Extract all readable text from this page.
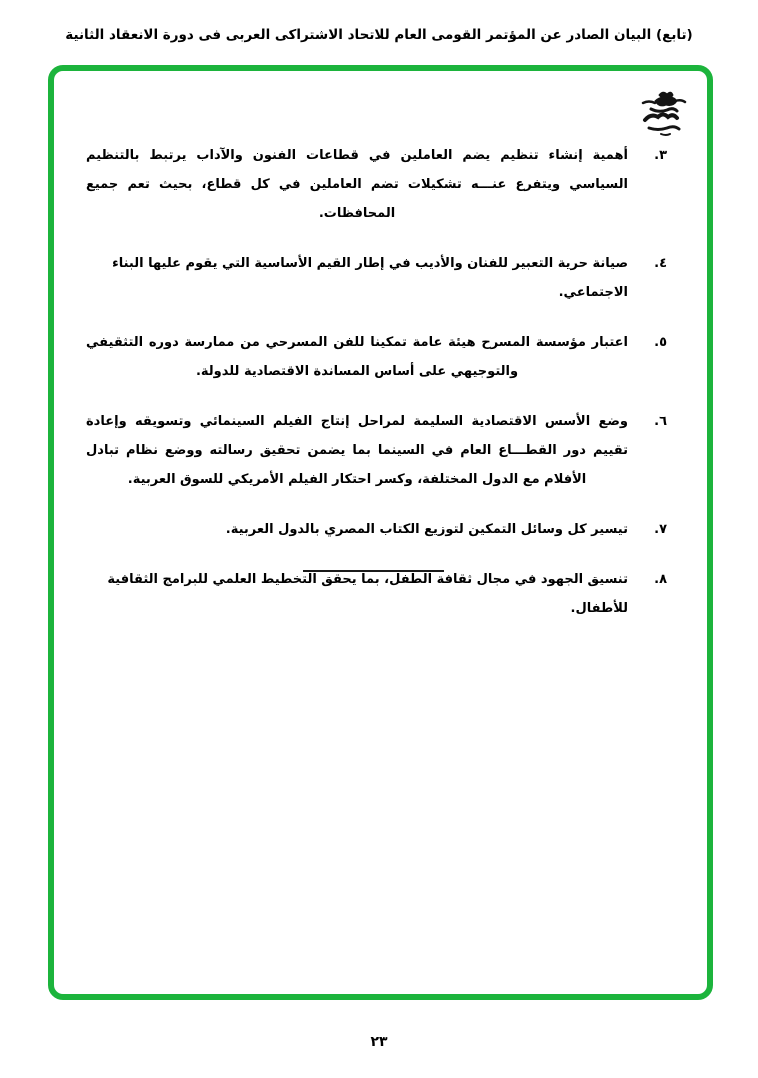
(تابع) البيان الصادر عن المؤتمر القومى العام للاتحاد الاشتراكى العربى فى دورة الانعقاد الثانية
٣.
أهمية إنشاء تنظيم يضم العاملين في قطاعات الفنون والآداب يرتبط بالتنظيم السياسي ويتفرع عنـــه تشكيلات تضم العاملين في كل قطاع، بحيث تعم جميع المحافظات.
٤.
صيانة حرية التعبير للفنان والأديب في إطار القيم الأساسية التي يقوم عليها البناء الاجتماعي.
٥.
اعتبار مؤسسة المسرح هيئة عامة تمكينا للفن المسرحي من ممارسة دوره التثقيفي والتوجيهي على أساس المساندة الاقتصادية للدولة.
٦.
وضع الأسس الاقتصادية السليمة لمراحل إنتاج الفيلم السينمائي وتسويقه وإعادة تقييم دور القطـــاع العام في السينما بما يضمن تحقيق رسالته ووضع نظام تبادل الأفلام مع الدول المختلفة، وكسر احتكار الفيلم الأمريكي للسوق العربية.
٧.
تيسير كل وسائل التمكين لتوزيع الكتاب المصري بالدول العربية.
٨.
تنسيق الجهود في مجال ثقافة الطفل، بما يحقق التخطيط العلمي للبرامج الثقافية للأطفال.
٢٣
